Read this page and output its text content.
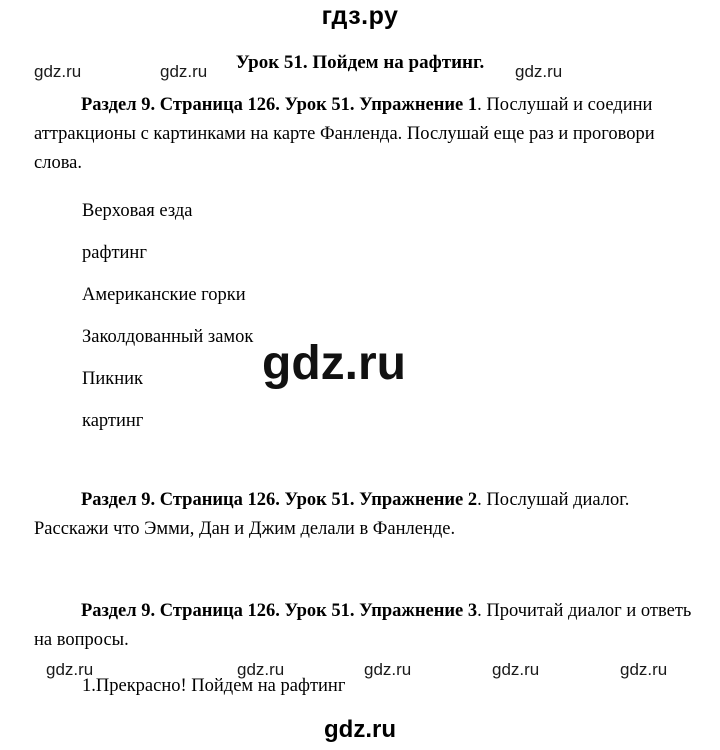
гдз.ру
gdz.ru	gdz.ru	gdz.ru
Урок 51. Пойдем на рафтинг.
Раздел 9. Страница 126. Урок 51. Упражнение 1. Послушай и соедини аттракционы с картинками на карте Фанленда. Послушай еще раз и проговори слова.
Верховая езда
рафтинг
Американские горки
Заколдованный замок
Пикник
картинг
gdz.ru
Раздел 9. Страница 126. Урок 51. Упражнение 2. Послушай диалог. Расскажи что Эмми, Дан и Джим делали в Фанленде.
Раздел 9. Страница 126. Урок 51. Упражнение 3. Прочитай диалог и ответь на вопросы.
gdz.ru	gdz.ru	gdz.ru	gdz.ru	gdz.ru
1.Прекрасно! Пойдем на рафтинг
gdz.ru
